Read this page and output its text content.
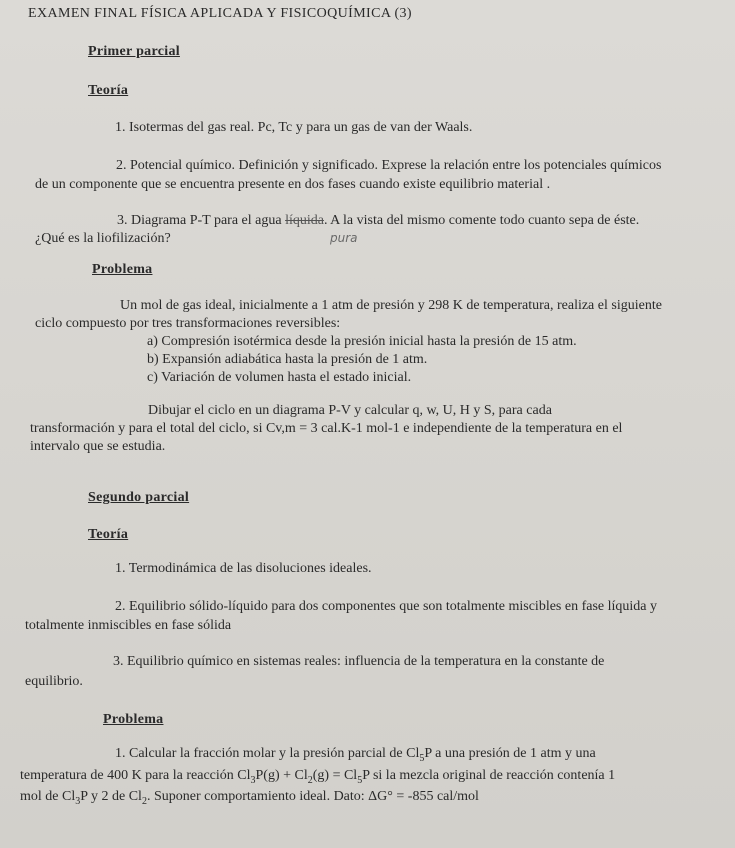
EXAMEN FINAL FÍSICA APLICADA Y FISICOQUÍMICA (3)
Primer parcial
Teoría
1. Isotermas del gas real. Pc, Tc y para un gas de van der Waals.
2. Potencial químico. Definición y significado. Exprese la relación entre los potenciales químicos
de un componente que se encuentra presente en dos fases cuando existe equilibrio material .
3. Diagrama P-T para el agua líquida. A la vista del mismo comente todo cuanto sepa de éste.
¿Qué es la liofilización?	pura
Problema
Un mol de gas ideal, inicialmente a 1 atm de presión y 298 K de temperatura, realiza el siguiente
ciclo compuesto por tres transformaciones reversibles:
a) Compresión isotérmica desde la presión inicial hasta la presión de 15 atm.
b) Expansión adiabática hasta la presión de 1 atm.
c) Variación de volumen hasta el estado inicial.
Dibujar el ciclo en un diagrama P-V y calcular q, w, U, H y S, para cada
transformación y para el total del ciclo, si Cv,m = 3 cal.K-1 mol-1 e independiente de la temperatura en el
intervalo que se estudia.
Segundo parcial
Teoría
1. Termodinámica de las disoluciones ideales.
2. Equilibrio sólido-líquido para dos componentes que son totalmente miscibles en fase líquida y
totalmente inmiscibles en fase sólida
3. Equilibrio químico en sistemas reales: influencia de la temperatura en la constante de
equilibrio.
Problema
1. Calcular la fracción molar y la presión parcial de $Cl_5P$ a una presión de 1 atm y una
temperatura de 400 K para la reacción $Cl_3P(g) + Cl_2(g) = Cl_5P$ si la mezcla original de reacción contenía 1
mol de $Cl_3P$ y 2 de $Cl_2$. Suponer comportamiento ideal. Dato: ΔG° = -855 cal/mol
